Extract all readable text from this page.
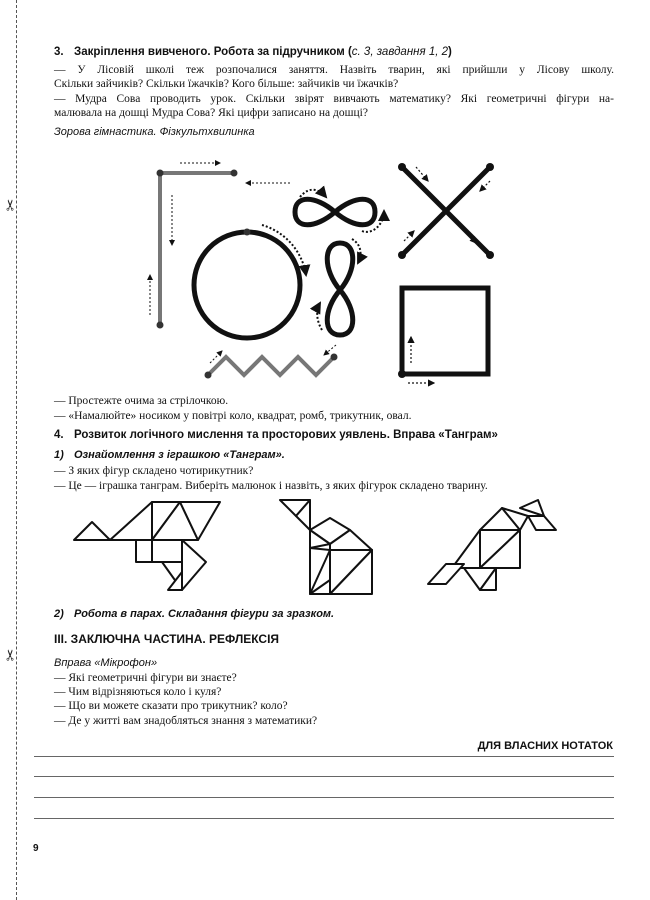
✂
✂
3. Закріплення вивченого. Робота за підручником (с. 3, завдання 1, 2)
— У Лісовій школі теж розпочалися заняття. Назвіть тварин, які прийшли у Лісову школу.
Скільки зайчиків? Скільки їжачків? Кого більше: зайчиків чи їжачків?
— Мудра Сова проводить урок. Скільки звірят вивчають математику? Які геометричні фігури на-
малювала на дошці Мудра Сова? Які цифри записано на дошці?
Зорова гімнастика. Фізкультхвилинка
— Простежте очима за стрілочкою.
— «Намалюйте» носиком у повітрі коло, квадрат, ромб, трикутник, овал.
4. Розвиток логічного мислення та просторових уявлень. Вправа «Танграм»
1) Ознайомлення з іграшкою «Танграм».
— З яких фігур складено чотирикутник?
— Це — іграшка танграм. Виберіть малюнок і назвіть, з яких фігурок складено тварину.
2) Робота в парах. Складання фігури за зразком.
ІІІ. ЗАКЛЮЧНА ЧАСТИНА. РЕФЛЕКСІЯ
Вправа «Мікрофон»
— Які геометричні фігури ви знаєте?
— Чим відрізняються коло і куля?
— Що ви можете сказати про трикутник? коло?
— Де у житті вам знадобляться знання з математики?
ДЛЯ ВЛАСНИХ НОТАТОК
9
